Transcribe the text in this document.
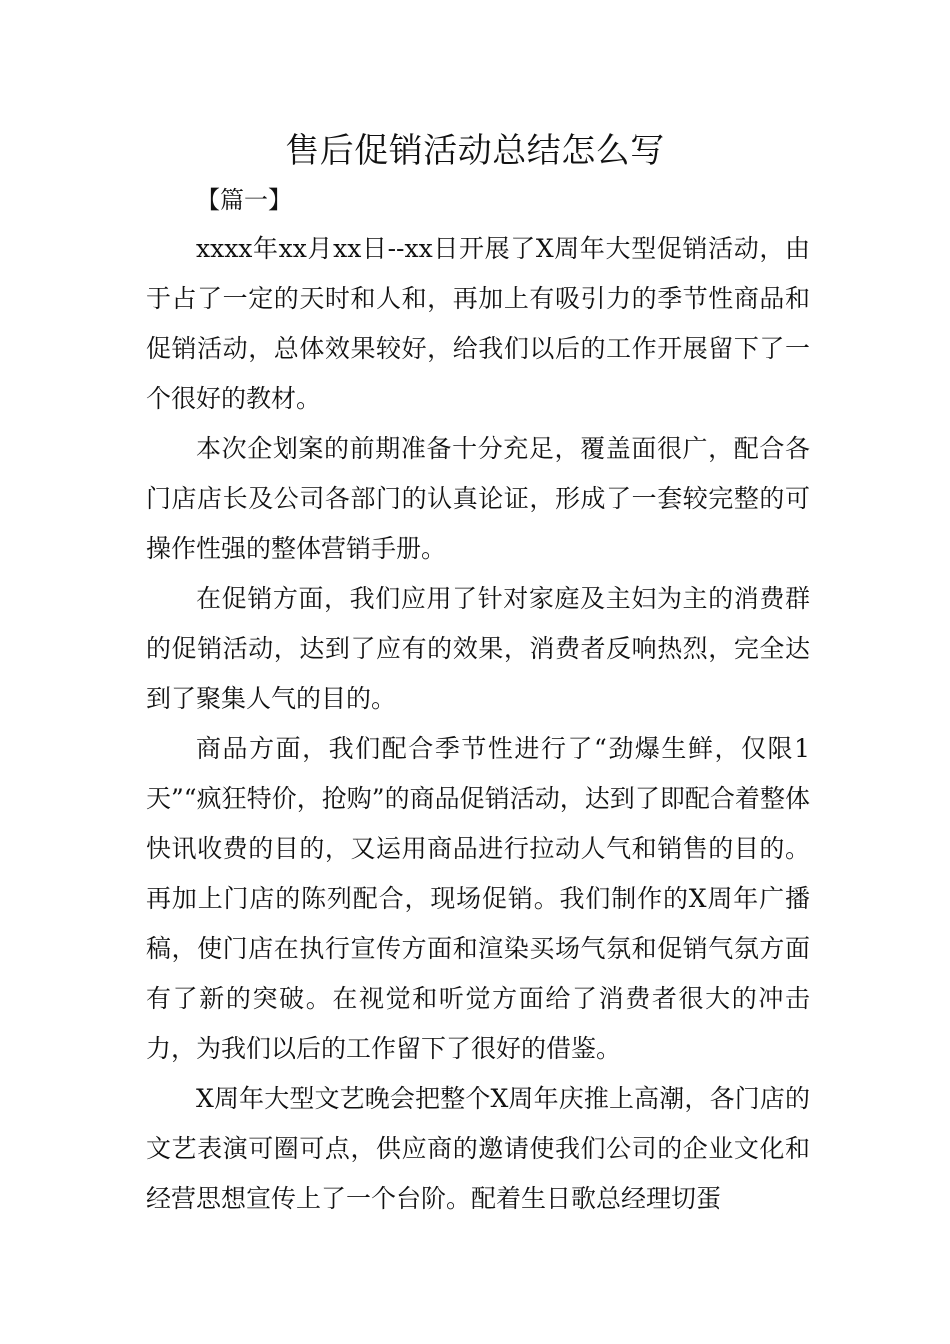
售后促销活动总结怎么写
【篇一】

xxxx年xx月xx日--xx日开展了X周年大型促销活动，由于占了一定的天时和人和，再加上有吸引力的季节性商品和促销活动，总体效果较好，给我们以后的工作开展留下了一个很好的教材。

本次企划案的前期准备十分充足，覆盖面很广，配合各门店店长及公司各部门的认真论证，形成了一套较完整的可操作性强的整体营销手册。

在促销方面，我们应用了针对家庭及主妇为主的消费群的促销活动，达到了应有的效果，消费者反响热烈，完全达到了聚集人气的目的。

商品方面，我们配合季节性进行了“劲爆生鲜，仅限1天”“疯狂特价，抢购”的商品促销活动，达到了即配合着整体快讯收费的目的，又运用商品进行拉动人气和销售的目的。再加上门店的陈列配合，现场促销。我们制作的X周年广播稿，使门店在执行宣传方面和渲染买场气氛和促销气氛方面有了新的突破。在视觉和听觉方面给了消费者很大的冲击力，为我们以后的工作留下了很好的借鉴。

X周年大型文艺晚会把整个X周年庆推上高潮，各门店的文艺表演可圈可点，供应商的邀请使我们公司的企业文化和经营思想宣传上了一个台阶。配着生日歌总经理切蛋
